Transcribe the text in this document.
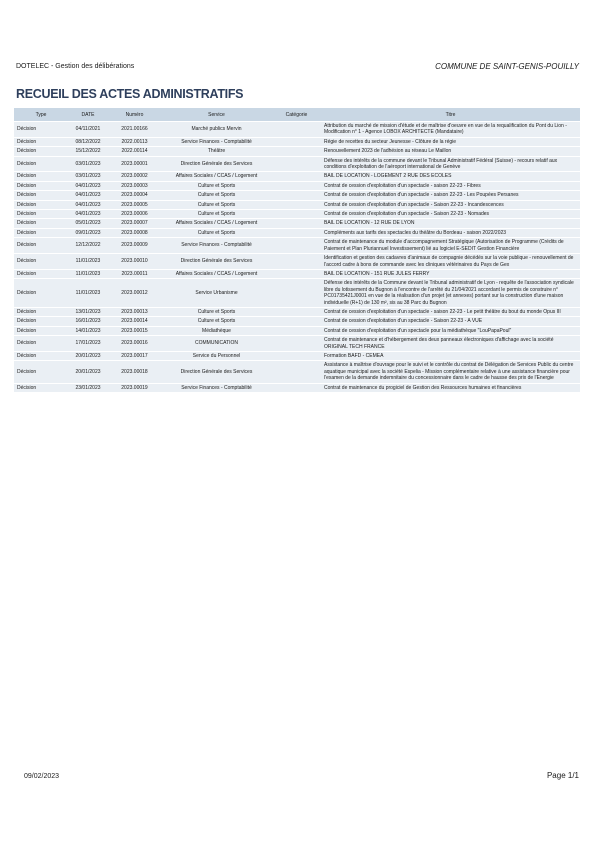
DOTELEC - Gestion des délibérations	COMMUNE DE SAINT-GENIS-POUILLY
RECUEIL DES ACTES ADMINISTRATIFS
Type	DATE	Numéro	Service	Catégorie	Titre
Décision	04/11/2021	2021.00166	Marché publics Mervin		Attribution du marché de mission d'étude et de maîtrise d'oeuvre en vue de la requalification du Pont du Lion - Modification n° 1 - Agence LOBOX ARCHITECTE (Mandataire)
Décision	08/12/2022	2022.00113	Service Finances - Comptabilité		Régie de recettes du secteur Jeunesse - Clôture de la régie
Décision	15/12/2022	2022.00114	Théâtre		Renouvellement 2023 de l'adhésion au réseau Le Maillon
Décision	03/01/2023	2023.00001	Direction Générale des Services		Défense des intérêts de la commune devant le Tribunal Administratif Fédéral (Suisse) - recours relatif aux conditions d'exploitation de l'aéroport international de Genève
Décision	03/01/2023	2023.00002	Affaires Sociales / CCAS / Logement		BAIL DE LOCATION - LOGEMENT 2 RUE DES ECOLES
Décision	04/01/2023	2023.00003	Culture et Sports		Contrat de cession d'exploitation d'un spectacle - saison 22-23 - Fibres
Décision	04/01/2023	2023.00004	Culture et Sports		Contrat de cession d'exploitation d'un spectacle - saison 22-23 - Les Poupées Persanes
Décision	04/01/2023	2023.00005	Culture et Sports		Contrat de cession d'exploitation d'un spectacle - Saison 22-23 - Incandescences
Décision	04/01/2023	2023.00006	Culture et Sports		Contrat de cession d'exploitation d'un spectacle - Saison 22-23 - Nomades
Décision	05/01/2023	2023.00007	Affaires Sociales / CCAS / Logement		BAIL DE LOCATION - 12 RUE DE LYON
Décision	09/01/2023	2023.00008	Culture et Sports		Compléments aux tarifs des spectacles du théâtre du Bordeau - saison 2022/2023
Décision	12/12/2022	2023.00009	Service Finances - Comptabilité		Contrat de maintenance du module d'accompagnement Stratégique (Autorisation de Programme (Crédits de Paiement et Plan Pluriannuel Investissement) lié au logiciel E-SEDIT Gestion Financière
Décision	11/01/2023	2023.00010	Direction Générale des Services		Identification et gestion des cadavres d'animaux de compagnie décédés sur la voie publique - renouvellement de l'accord cadre à bons de commande avec les cliniques vétérinaires du Pays de Gex
Décision	11/01/2023	2023.00011	Affaires Sociales / CCAS / Logement		BAIL DE LOCATION - 151 RUE JULES FERRY
Décision	11/01/2023	2023.00012	Service Urbanisme		Défense des intérêts de la Commune devant le Tribunal administratif de Lyon - requête de l'association syndicale libre du lotissement du Bugnon à l'encontre de l'arrêté du 21/04/2021 accordant le permis de construire n° PC01735421J0001 en vue de la réalisation d'un projet (et annexes) portant sur la construction d'une maison individuelle (R+1) de 130 m², sis au 38 Parc du Bugnon
Décision	13/01/2023	2023.00013	Culture et Sports		Contrat de cession d'exploitation d'un spectacle - saison 22-23 - Le petit théâtre du bout du monde Opus III
Décision	16/01/2023	2023.00014	Culture et Sports		Contrat de cession d'exploitation d'un spectacle - Saison 22-23 - A VUE
Décision	14/01/2023	2023.00015	Médiathèque		Contrat de cession d'exploitation d'un spectacle pour la médiathèque "LouPapaPoul"
Décision	17/01/2023	2023.00016	COMMUNICATION		Contrat de maintenance et d'hébergement des deux panneaux électroniques d'affichage avec la société ORIGINAL TECH FRANCE
Décision	20/01/2023	2023.00017	Service du Personnel		Formation BAFD - CEMEA
Décision	20/01/2023	2023.00018	Direction Générale des Services		Assistance à maîtrise d'ouvrage pour le suivi et le contrôle du contrat de Délégation de Services Public du centre aquatique municipal avec la société Espelia - Mission complémentaire relative à une assistance financière pour l'examen de la demande indemnitaire du concessionnaire dans le cadre de hausse des prix de l'Energie
Décision	23/01/2023	2023.00019	Service Finances - Comptabilité		Contrat de maintenance du progiciel de Gestion des Ressources humaines et financières
09/02/2023	Page 1/1
